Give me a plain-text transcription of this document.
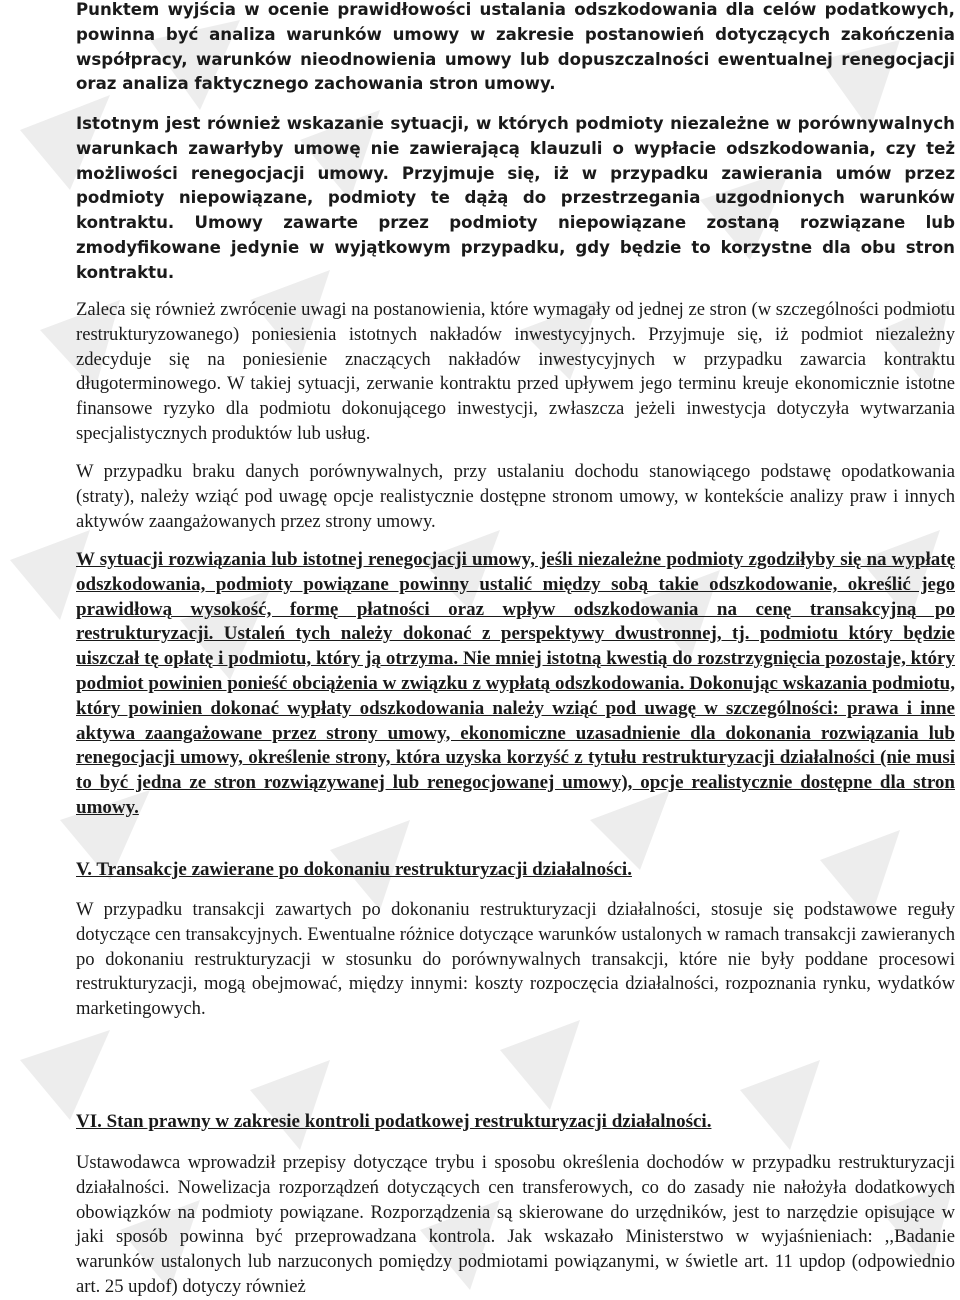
Punktem wyjścia w ocenie prawidłowości ustalania odszkodowania dla celów podatkowych, powinna być analiza warunków umowy w zakresie postanowień dotyczących zakończenia współpracy, warunków nieodnowienia umowy lub dopuszczalności ewentualnej renegocjacji oraz analiza faktycznego zachowania stron umowy.

Istotnym jest również wskazanie sytuacji, w których podmioty niezależne w porównywalnych warunkach zawarłyby umowę nie zawierającą klauzuli o wypłacie odszkodowania, czy też możliwości renegocjacji umowy. Przyjmuje się, iż w przypadku zawierania umów przez podmioty niepowiązane, podmioty te dążą do przestrzegania uzgodnionych warunków kontraktu. Umowy zawarte przez podmioty niepowiązane zostaną rozwiązane lub zmodyfikowane jedynie w wyjątkowym przypadku, gdy będzie to korzystne dla obu stron kontraktu.

Zaleca się również zwrócenie uwagi na postanowienia, które wymagały od jednej ze stron (w szczególności podmiotu restrukturyzowanego) poniesienia istotnych nakładów inwestycyjnych. Przyjmuje się, iż podmiot niezależny zdecyduje się na poniesienie znaczących nakładów inwestycyjnych w przypadku zawarcia kontraktu długoterminowego. W takiej sytuacji, zerwanie kontraktu przed upływem jego terminu kreuje ekonomicznie istotne finansowe ryzyko dla podmiotu dokonującego inwestycji, zwłaszcza jeżeli inwestycja dotyczyła wytwarzania specjalistycznych produktów lub usług.

W przypadku braku danych porównywalnych, przy ustalaniu dochodu stanowiącego podstawę opodatkowania (straty), należy wziąć pod uwagę opcje realistycznie dostępne stronom umowy, w kontekście analizy praw i innych aktywów zaangażowanych przez strony umowy.

W sytuacji rozwiązania lub istotnej renegocjacji umowy, jeśli niezależne podmioty zgodziłyby się na wypłatę odszkodowania, podmioty powiązane powinny ustalić między sobą takie odszkodowanie, określić jego prawidłową wysokość, formę płatności oraz wpływ odszkodowania na cenę transakcyjną po restrukturyzacji. Ustaleń tych należy dokonać z perspektywy dwustronnej, tj. podmiotu który będzie uiszczał tę opłatę i podmiotu, który ją otrzyma. Nie mniej istotną kwestią do rozstrzygnięcia pozostaje, który podmiot powinien ponieść obciążenia w związku z wypłatą odszkodowania. Dokonując wskazania podmiotu, który powinien dokonać wypłaty odszkodowania należy wziąć pod uwagę w szczególności: prawa i inne aktywa zaangażowane przez strony umowy, ekonomiczne uzasadnienie dla dokonania rozwiązania lub renegocjacji umowy, określenie strony, która uzyska korzyść z tytułu restrukturyzacji działalności (nie musi to być jedna ze stron rozwiązywanej lub renegocjowanej umowy), opcje realistycznie dostępne dla stron umowy.

V. Transakcje zawierane po dokonaniu restrukturyzacji działalności.

W przypadku transakcji zawartych po dokonaniu restrukturyzacji działalności, stosuje się podstawowe reguły dotyczące cen transakcyjnych. Ewentualne różnice dotyczące warunków ustalonych w ramach transakcji zawieranych po dokonaniu restrukturyzacji w stosunku do porównywalnych transakcji, które nie były poddane procesowi restrukturyzacji, mogą obejmować, między innymi: koszty rozpoczęcia działalności, rozpoznania rynku, wydatków marketingowych.

VI. Stan prawny w zakresie kontroli podatkowej restrukturyzacji działalności.

Ustawodawca wprowadził przepisy dotyczące trybu i sposobu określenia dochodów w przypadku restrukturyzacji działalności. Nowelizacja rozporządzeń dotyczących cen transferowych, co do zasady nie nałożyła dodatkowych obowiązków na podmioty powiązane. Rozporządzenia są skierowane do urzędników, jest to narzędzie opisujące w jaki sposób powinna być przeprowadzana kontrola. Jak wskazało Ministerstwo w wyjaśnieniach: ,,Badanie warunków ustalonych lub narzuconych pomiędzy podmiotami powiązanymi, w świetle art. 11 updop (odpowiednio art. 25 updof) dotyczy również
